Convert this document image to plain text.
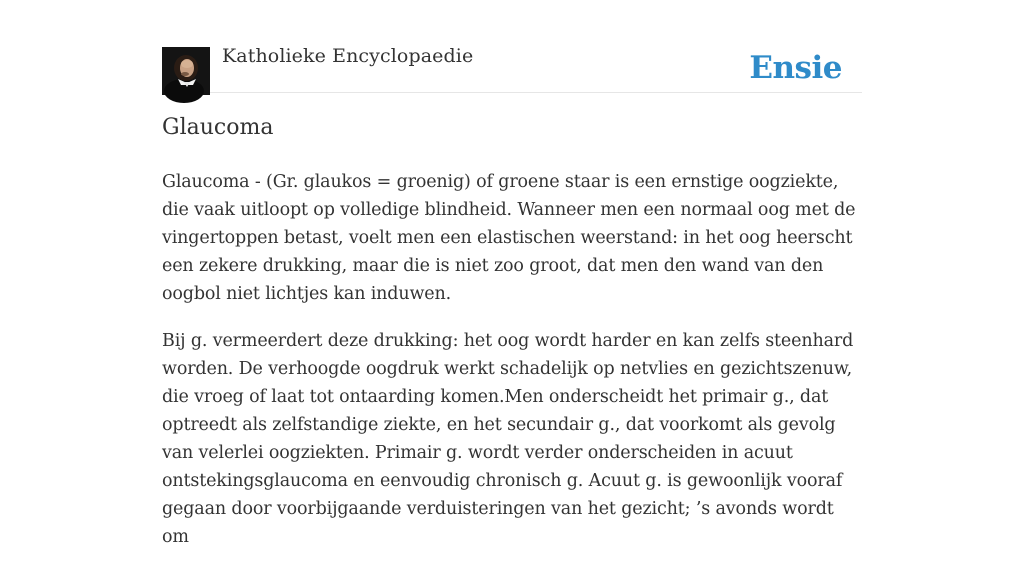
Katholieke Encyclopaedie	Ensie
Glaucoma

Glaucoma - (Gr. glaukos = groenig) of groene staar is een ernstige oogziekte, die vaak uitloopt op volledige blindheid. Wanneer men een normaal oog met de vingertoppen betast, voelt men een elastischen weerstand: in het oog heerscht een zekere drukking, maar die is niet zoo groot, dat men den wand van den oogbol niet lichtjes kan induwen.

Bij g. vermeerdert deze drukking: het oog wordt harder en kan zelfs steenhard worden. De verhoogde oogdruk werkt schadelijk op netvlies en gezichtszenuw, die vroeg of laat tot ontaarding komen.Men onderscheidt het primair g., dat optreedt als zelfstandige ziekte, en het secundair g., dat voorkomt als gevolg van velerlei oogziekten. Primair g. wordt verder onderscheiden in acuut ontstekingsglaucoma en eenvoudig chronisch g. Acuut g. is gewoonlijk vooraf gegaan door voorbijgaande verduisteringen van het gezicht; ’s avonds wordt om
